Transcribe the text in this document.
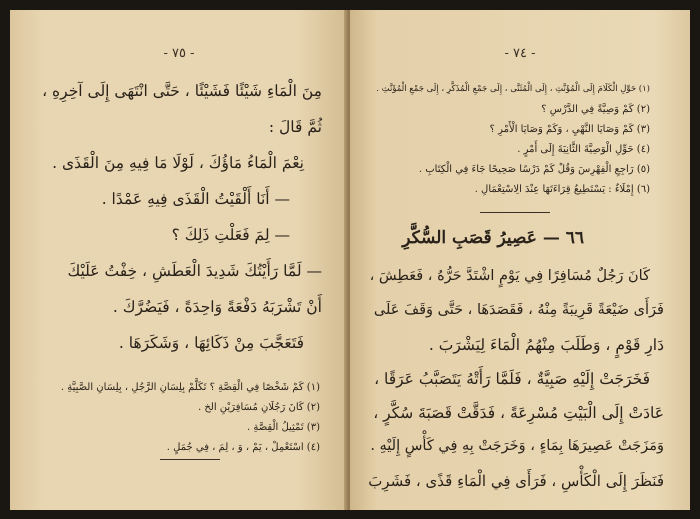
- ٧٥ -
مِنَ الْمَاءِ شَيْئًا فَشَيْئًا ، حَتَّى انْتَهَى إِلَى آخِرِهِ ،
ثُمَّ قَالَ :
نِعْمَ الْمَاءُ مَاؤُكَ ، لَوْلَا مَا فِيهِ مِنَ الْقَذَى .
— أَنَا أَلْقَيْتُ الْقَذَى فِيهِ عَمْدًا .
— لِمَ فَعَلْتِ ذَلِكَ ؟
— لَمَّا رَأَيْتُكَ شَدِيدَ الْعَطَشِ ، خِفْتُ عَلَيْكَ
أَنْ تَشْرَبَهُ دَفْعَةً وَاحِدَةً ، فَيَضُرَّكَ .
فَتَعَجَّبَ مِنْ ذَكَائِهَا ، وَشَكَرَهَا .
(١) كَمْ شَخْصًا فِي الْقِصَّةِ ؟ تَكَلَّمْ بِلِسَانِ الرَّجُلِ ، بِلِسَانِ الصَّبِيَّةِ .
(٢) كَانَ رَجُلَانِ مُسَافِرَيْنِ الخ .
(٣) تَمْثِيلُ الْقِصَّةِ .
(٤) اسْتَعْمِلْ ، يَمْ ، وَ ، لِمَ ، فِي جُمَلٍ .
- ٧٤ -
(١) حَوِّلِ الْكَلَامَ إِلَى الْمُؤَنَّثِ ، إِلَى الْمُثَنَّى ، إِلَى جَمْعِ الْمُذَكَّرِ ، إِلَى جَمْعِ الْمُؤَنَّثِ .
(٢) كَمْ وَصِيَّةً فِي الدَّرْسِ ؟
(٣) كَمْ وَصَايَا النَّهْيِ ، وَكَمْ وَصَايَا الْأَمْرِ ؟
(٤) حَوِّلِ الْوَصِيَّةَ الثَّانِيَةَ إِلَى أَمْرٍ .
(٥) رَاجِعِ الْفِهْرِسَ وَقُلْ كَمْ دَرْسًا صَحِيحًا جَاءَ فِي الْكِتَابِ .
(٦) إِمْلَاءٌ : يَسْتَطِيعُ قِرَاءَتَهَا عِنْدَ الِاسْتِعْمَالِ .
٦٦ — عَصِيرُ قَصَبِ السُّكَّرِ
كَانَ رَجُلٌ مُسَافِرًا فِي يَوْمٍ اشْتَدَّ حَرُّهُ ، فَعَطِشَ ،
فَرَأَى ضَيْعَةً قَرِيبَةً مِنْهُ ، فَقَصَدَهَا ، حَتَّى وَقَفَ عَلَى
دَارِ قَوْمٍ ، وَطَلَبَ مِنْهُمُ الْمَاءَ لِيَشْرَبَ .
فَخَرَجَتْ إِلَيْهِ صَبِيَّةٌ ، فَلَمَّا رَأَتْهُ يَتَصَبَّبُ عَرَقًا ،
عَادَتْ إِلَى الْبَيْتِ مُسْرِعَةً ، فَدَقَّتْ قَصَبَةَ سُكَّرٍ ،
وَمَزَجَتْ عَصِيرَهَا بِمَاءٍ ، وَخَرَجَتْ بِهِ فِي كَأْسٍ إِلَيْهِ .
فَنَظَرَ إِلَى الْكَأْسِ ، فَرَأَى فِي الْمَاءِ قَذًى ، فَشَرِبَ
